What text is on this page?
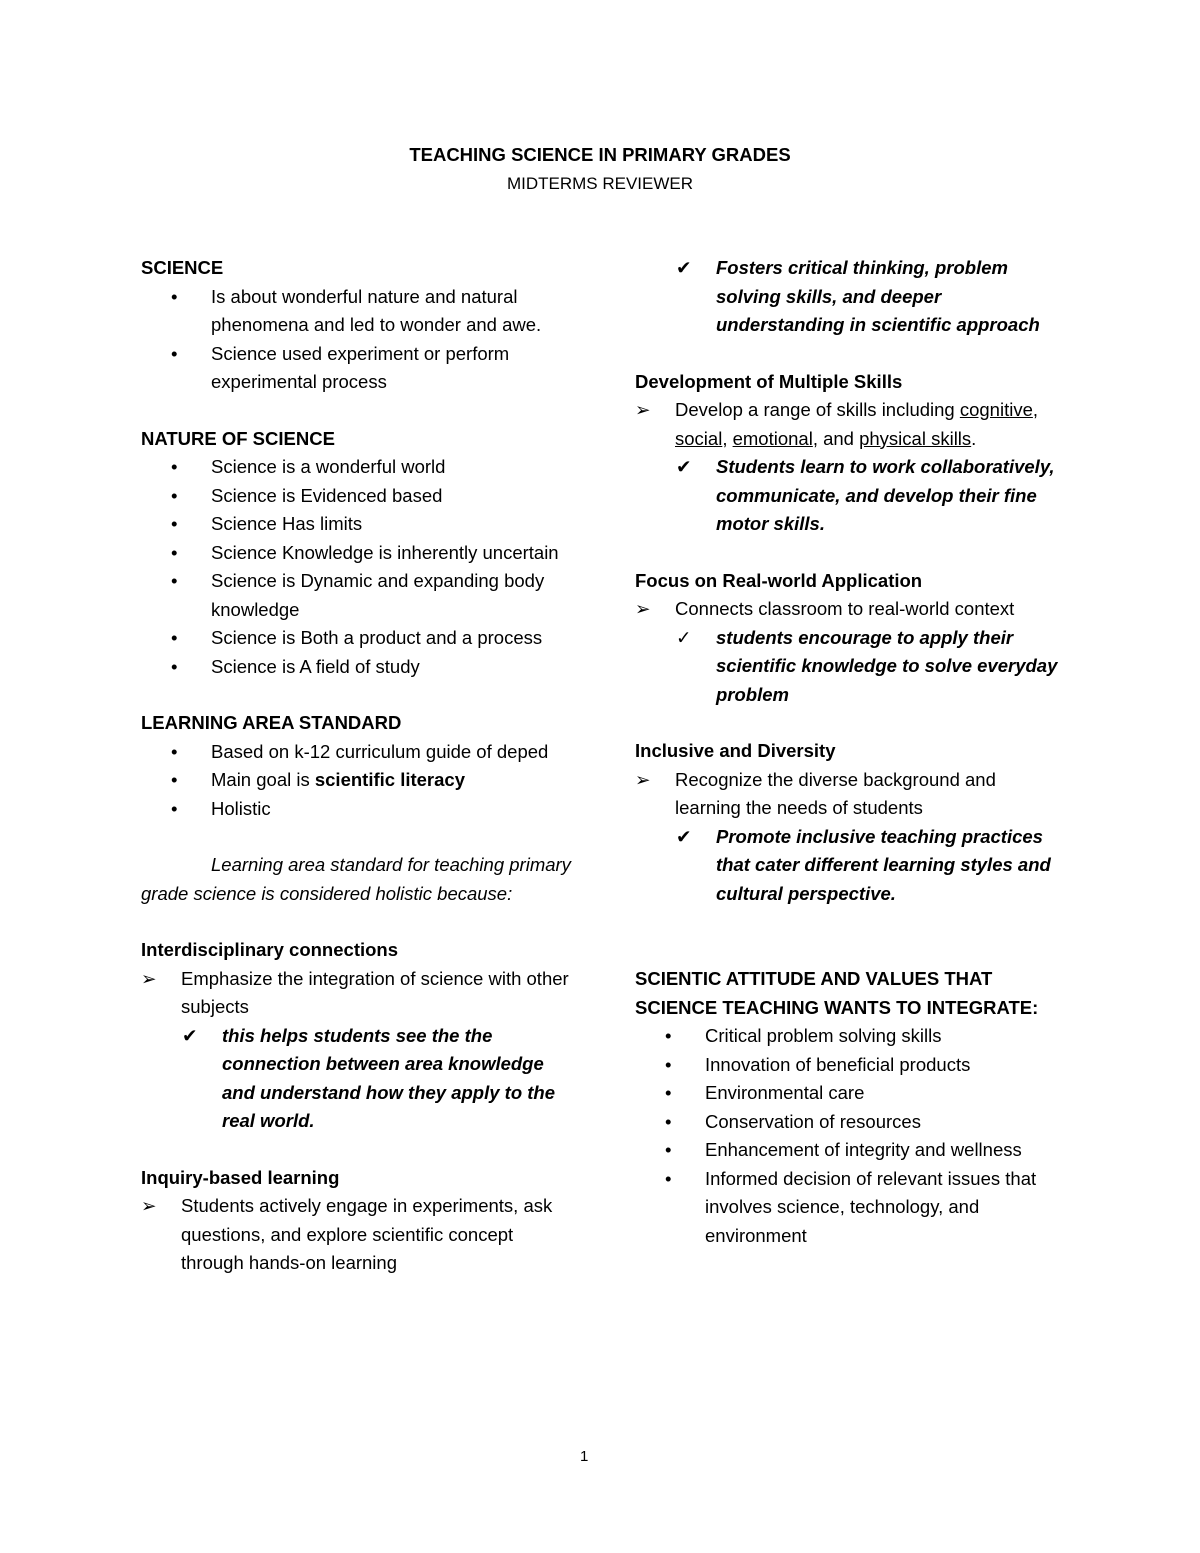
TEACHING SCIENCE IN PRIMARY GRADES
MIDTERMS REVIEWER
SCIENCE
• Is about wonderful nature and natural phenomena and led to wonder and awe.
• Science used experiment or perform experimental process
NATURE OF SCIENCE
• Science is a wonderful world
• Science is Evidenced based
• Science Has limits
• Science Knowledge is inherently uncertain
• Science is Dynamic and expanding body knowledge
• Science is Both a product and a process
• Science is A field of study
LEARNING AREA STANDARD
• Based on k-12 curriculum guide of deped
• Main goal is scientific literacy
• Holistic
Learning area standard for teaching primary grade science is considered holistic because:
Interdisciplinary connections
➢ Emphasize the integration of science with other subjects
✔ this helps students see the the connection between area knowledge and understand how they apply to the real world.
Inquiry-based learning
➢ Students actively engage in experiments, ask questions, and explore scientific concept through hands-on learning
✔ Fosters critical thinking, problem solving skills, and deeper understanding in scientific approach
Development of Multiple Skills
➢ Develop a range of skills including cognitive, social, emotional, and physical skills.
✔ Students learn to work collaboratively, communicate, and develop their fine motor skills.
Focus on Real-world Application
➢ Connects classroom to real-world context
✓ students encourage to apply their scientific knowledge to solve everyday problem
Inclusive and Diversity
➢ Recognize the diverse background and learning the needs of students
✔ Promote inclusive teaching practices that cater different learning styles and cultural perspective.
SCIENTIC ATTITUDE AND VALUES THAT SCIENCE TEACHING WANTS TO INTEGRATE:
• Critical problem solving skills
• Innovation of beneficial products
• Environmental care
• Conservation of resources
• Enhancement of integrity and wellness
• Informed decision of relevant issues that involves science, technology, and environment
1
